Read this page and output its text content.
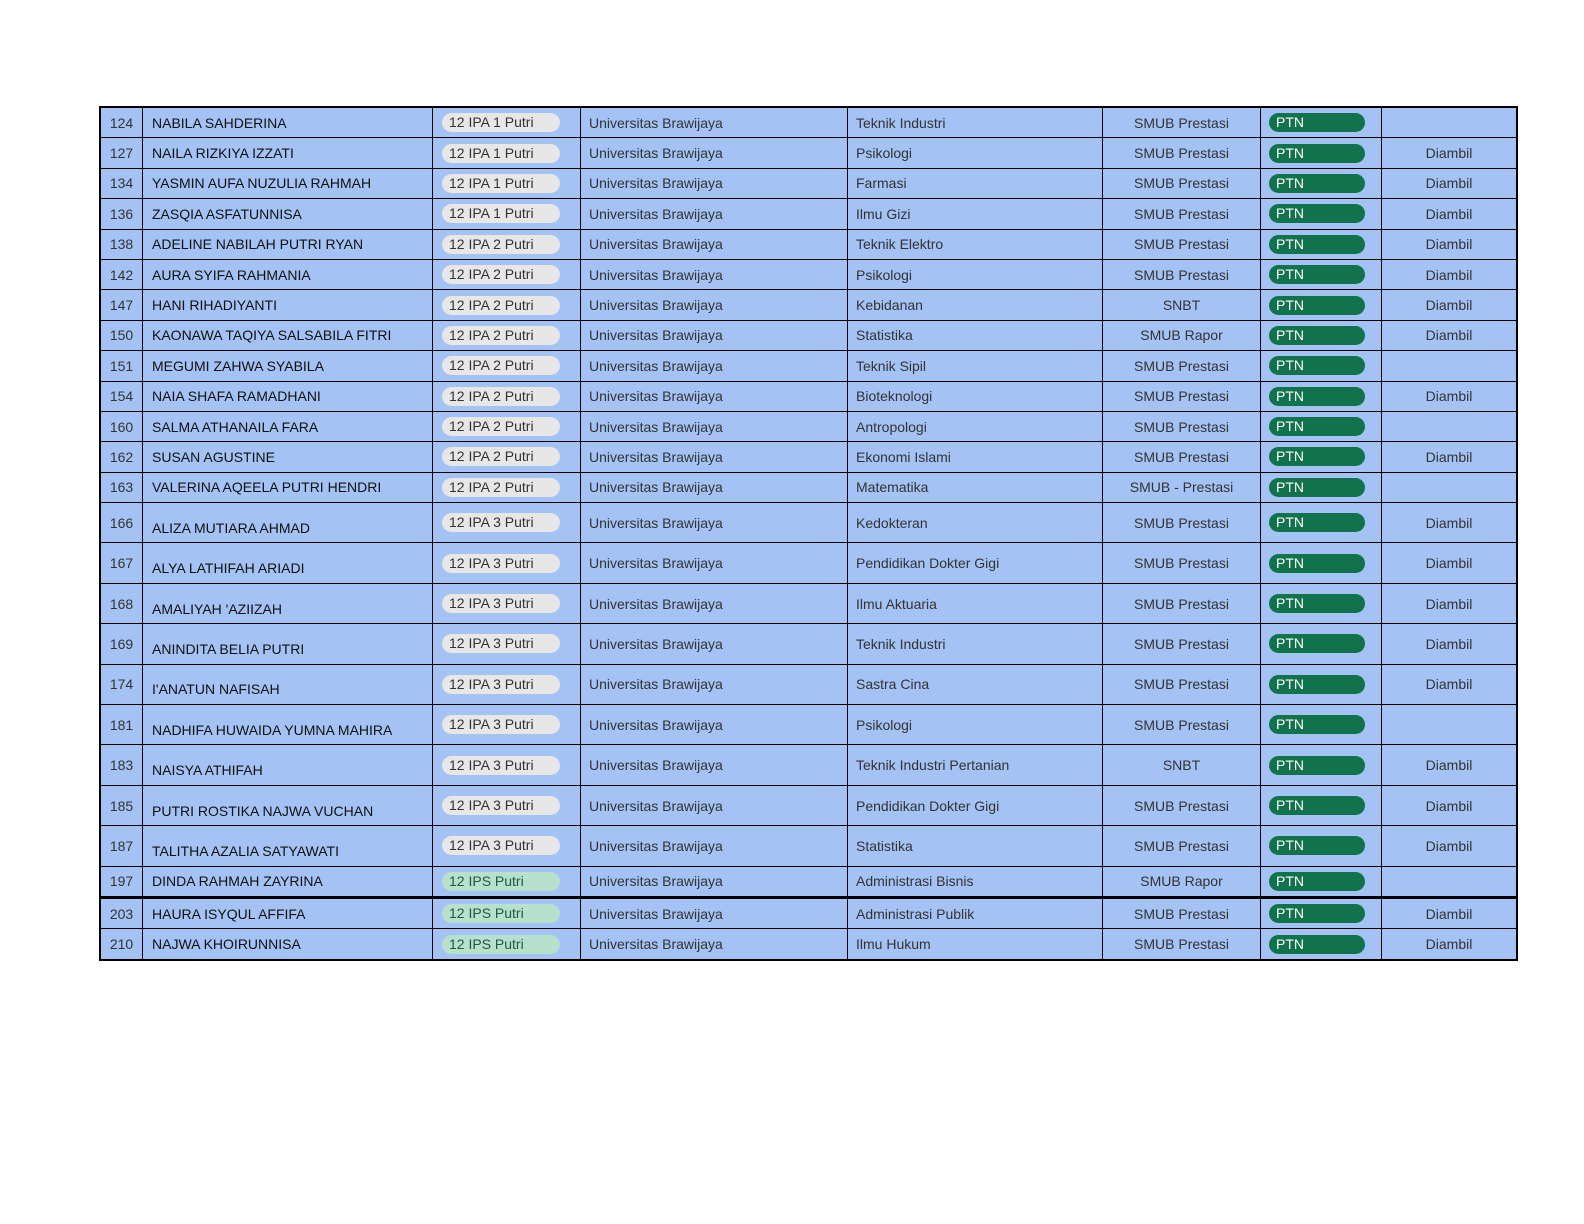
124	NABILA SAHDERINA	12 IPA 1 Putri	Universitas Brawijaya	Teknik Industri	SMUB Prestasi	PTN	
127	NAILA RIZKIYA IZZATI	12 IPA 1 Putri	Universitas Brawijaya	Psikologi	SMUB Prestasi	PTN	Diambil
134	YASMIN AUFA NUZULIA RAHMAH	12 IPA 1 Putri	Universitas Brawijaya	Farmasi	SMUB Prestasi	PTN	Diambil
136	ZASQIA ASFATUNNISA	12 IPA 1 Putri	Universitas Brawijaya	Ilmu Gizi	SMUB Prestasi	PTN	Diambil
138	ADELINE NABILAH PUTRI RYAN	12 IPA 2 Putri	Universitas Brawijaya	Teknik Elektro	SMUB Prestasi	PTN	Diambil
142	AURA SYIFA RAHMANIA	12 IPA 2 Putri	Universitas Brawijaya	Psikologi	SMUB Prestasi	PTN	Diambil
147	HANI RIHADIYANTI	12 IPA 2 Putri	Universitas Brawijaya	Kebidanan	SNBT	PTN	Diambil
150	KAONAWA TAQIYA SALSABILA FITRI	12 IPA 2 Putri	Universitas Brawijaya	Statistika	SMUB Rapor	PTN	Diambil
151	MEGUMI ZAHWA SYABILA	12 IPA 2 Putri	Universitas Brawijaya	Teknik Sipil	SMUB Prestasi	PTN	
154	NAIA SHAFA RAMADHANI	12 IPA 2 Putri	Universitas Brawijaya	Bioteknologi	SMUB Prestasi	PTN	Diambil
160	SALMA ATHANAILA FARA	12 IPA 2 Putri	Universitas Brawijaya	Antropologi	SMUB Prestasi	PTN	
162	SUSAN AGUSTINE	12 IPA 2 Putri	Universitas Brawijaya	Ekonomi Islami	SMUB Prestasi	PTN	Diambil
163	VALERINA AQEELA PUTRI HENDRI	12 IPA 2 Putri	Universitas Brawijaya	Matematika	SMUB - Prestasi	PTN	
166	ALIZA MUTIARA AHMAD	12 IPA 3 Putri	Universitas Brawijaya	Kedokteran	SMUB Prestasi	PTN	Diambil
167	ALYA LATHIFAH ARIADI	12 IPA 3 Putri	Universitas Brawijaya	Pendidikan Dokter Gigi	SMUB Prestasi	PTN	Diambil
168	AMALIYAH 'AZIIZAH	12 IPA 3 Putri	Universitas Brawijaya	Ilmu Aktuaria	SMUB Prestasi	PTN	Diambil
169	ANINDITA BELIA PUTRI	12 IPA 3 Putri	Universitas Brawijaya	Teknik Industri	SMUB Prestasi	PTN	Diambil
174	I'ANATUN NAFISAH	12 IPA 3 Putri	Universitas Brawijaya	Sastra Cina	SMUB Prestasi	PTN	Diambil
181	NADHIFA HUWAIDA YUMNA MAHIRA	12 IPA 3 Putri	Universitas Brawijaya	Psikologi	SMUB Prestasi	PTN	
183	NAISYA ATHIFAH	12 IPA 3 Putri	Universitas Brawijaya	Teknik Industri Pertanian	SNBT	PTN	Diambil
185	PUTRI ROSTIKA NAJWA VUCHAN	12 IPA 3 Putri	Universitas Brawijaya	Pendidikan Dokter Gigi	SMUB Prestasi	PTN	Diambil
187	TALITHA AZALIA SATYAWATI	12 IPA 3 Putri	Universitas Brawijaya	Statistika	SMUB Prestasi	PTN	Diambil
197	DINDA RAHMAH ZAYRINA	12 IPS Putri	Universitas Brawijaya	Administrasi Bisnis	SMUB Rapor	PTN	
203	HAURA ISYQUL AFFIFA	12 IPS Putri	Universitas Brawijaya	Administrasi Publik	SMUB Prestasi	PTN	Diambil
210	NAJWA KHOIRUNNISA	12 IPS Putri	Universitas Brawijaya	Ilmu Hukum	SMUB Prestasi	PTN	Diambil
